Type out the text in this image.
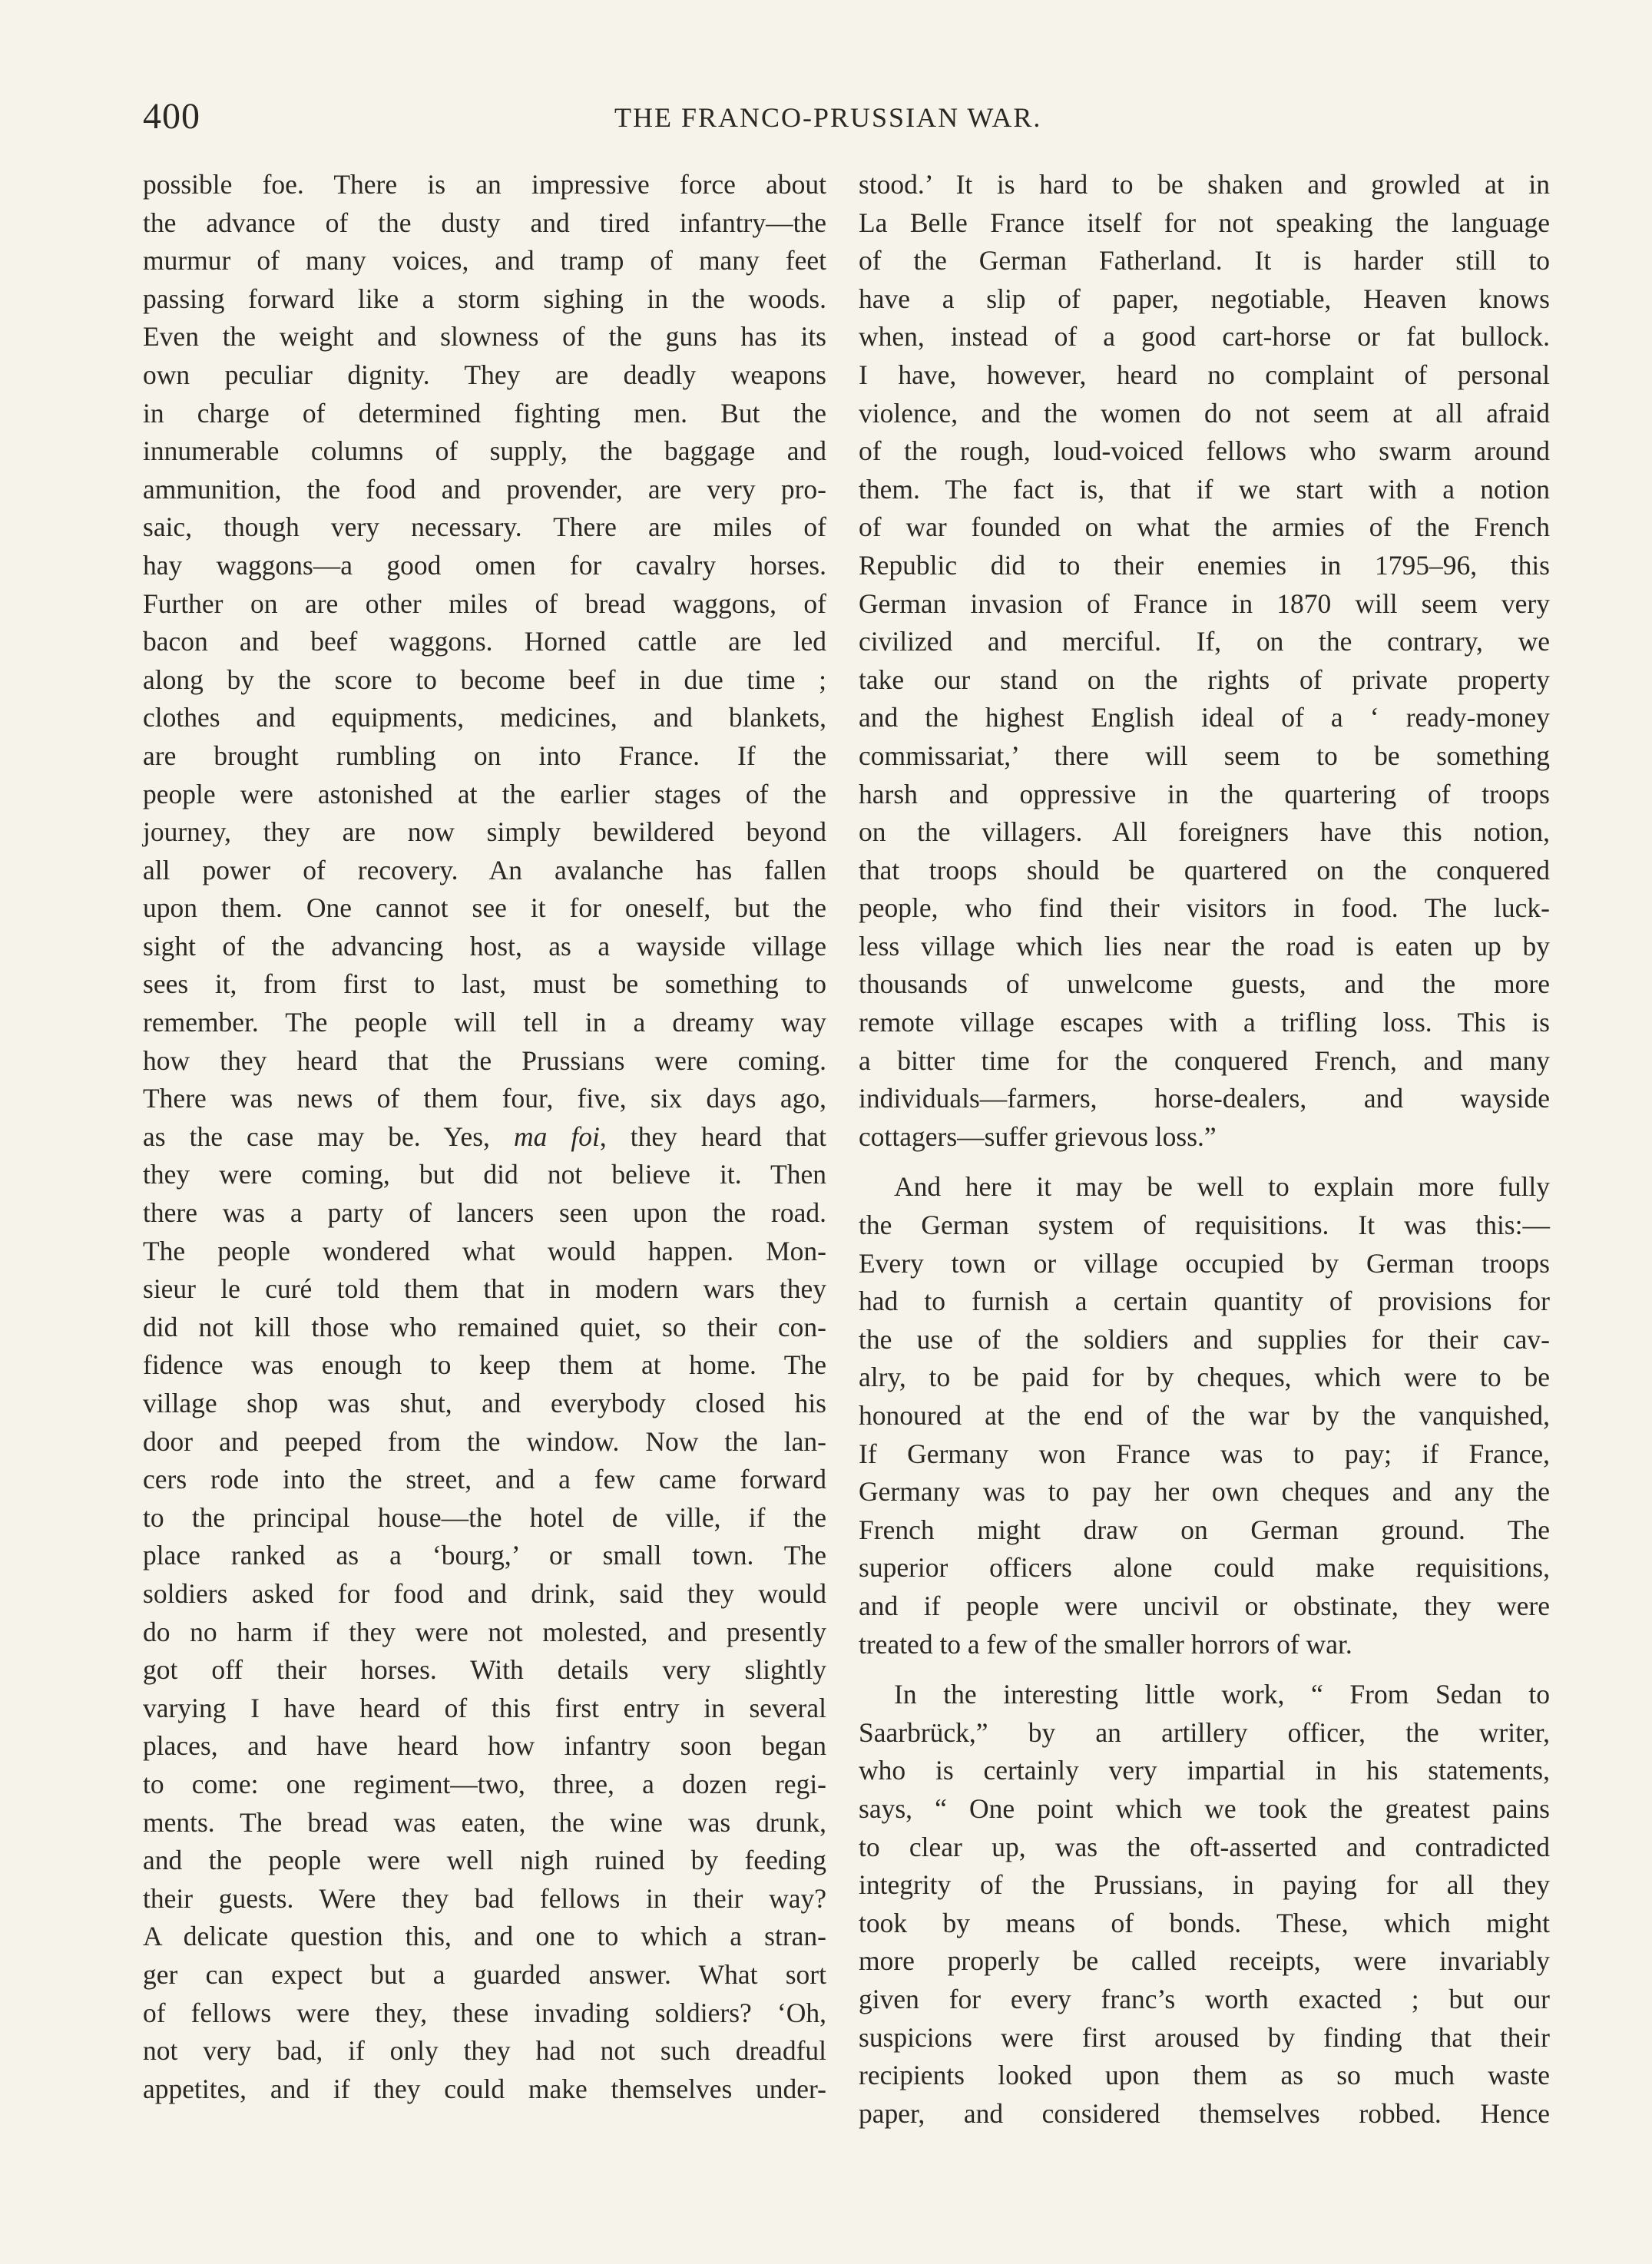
400	THE FRANCO-PRUSSIAN WAR.
possible foe. There is an impressive force about
the advance of the dusty and tired infantry—the
murmur of many voices, and tramp of many feet
passing forward like a storm sighing in the woods.
Even the weight and slowness of the guns has its
own peculiar dignity. They are deadly weapons
in charge of determined fighting men. But the
innumerable columns of supply, the baggage and
ammunition, the food and provender, are very pro-
saic, though very necessary. There are miles of
hay waggons—a good omen for cavalry horses.
Further on are other miles of bread waggons, of
bacon and beef waggons. Horned cattle are led
along by the score to become beef in due time ;
clothes and equipments, medicines, and blankets,
are brought rumbling on into France. If the
people were astonished at the earlier stages of the
journey, they are now simply bewildered beyond
all power of recovery. An avalanche has fallen
upon them. One cannot see it for oneself, but the
sight of the advancing host, as a wayside village
sees it, from first to last, must be something to
remember. The people will tell in a dreamy way
how they heard that the Prussians were coming.
There was news of them four, five, six days ago,
as the case may be. Yes, ma foi, they heard that
they were coming, but did not believe it. Then
there was a party of lancers seen upon the road.
The people wondered what would happen. Mon-
sieur le curé told them that in modern wars they
did not kill those who remained quiet, so their con-
fidence was enough to keep them at home. The
village shop was shut, and everybody closed his
door and peeped from the window. Now the lan-
cers rode into the street, and a few came forward
to the principal house—the hotel de ville, if the
place ranked as a ‘bourg,’ or small town. The
soldiers asked for food and drink, said they would
do no harm if they were not molested, and presently
got off their horses. With details very slightly
varying I have heard of this first entry in several
places, and have heard how infantry soon began
to come: one regiment—two, three, a dozen regi-
ments. The bread was eaten, the wine was drunk,
and the people were well nigh ruined by feeding
their guests. Were they bad fellows in their way?
A delicate question this, and one to which a stran-
ger can expect but a guarded answer. What sort
of fellows were they, these invading soldiers? ‘Oh,
not very bad, if only they had not such dreadful
appetites, and if they could make themselves under-
stood.’ It is hard to be shaken and growled at in
La Belle France itself for not speaking the language
of the German Fatherland. It is harder still to
have a slip of paper, negotiable, Heaven knows
when, instead of a good cart-horse or fat bullock.
I have, however, heard no complaint of personal
violence, and the women do not seem at all afraid
of the rough, loud-voiced fellows who swarm around
them. The fact is, that if we start with a notion
of war founded on what the armies of the French
Republic did to their enemies in 1795–96, this
German invasion of France in 1870 will seem very
civilized and merciful. If, on the contrary, we
take our stand on the rights of private property
and the highest English ideal of a ‘ ready-money
commissariat,’ there will seem to be something
harsh and oppressive in the quartering of troops
on the villagers. All foreigners have this notion,
that troops should be quartered on the conquered
people, who find their visitors in food. The luck-
less village which lies near the road is eaten up by
thousands of unwelcome guests, and the more
remote village escapes with a trifling loss. This is
a bitter time for the conquered French, and many
individuals—farmers, horse-dealers, and wayside
cottagers—suffer grievous loss.”
And here it may be well to explain more fully
the German system of requisitions. It was this:—
Every town or village occupied by German troops
had to furnish a certain quantity of provisions for
the use of the soldiers and supplies for their cav-
alry, to be paid for by cheques, which were to be
honoured at the end of the war by the vanquished,
If Germany won France was to pay; if France,
Germany was to pay her own cheques and any the
French might draw on German ground. The
superior officers alone could make requisitions,
and if people were uncivil or obstinate, they were
treated to a few of the smaller horrors of war.
In the interesting little work, “ From Sedan to
Saarbrück,” by an artillery officer, the writer,
who is certainly very impartial in his statements,
says, “ One point which we took the greatest pains
to clear up, was the oft-asserted and contradicted
integrity of the Prussians, in paying for all they
took by means of bonds. These, which might
more properly be called receipts, were invariably
given for every franc’s worth exacted ; but our
suspicions were first aroused by finding that their
recipients looked upon them as so much waste
paper, and considered themselves robbed. Hence
